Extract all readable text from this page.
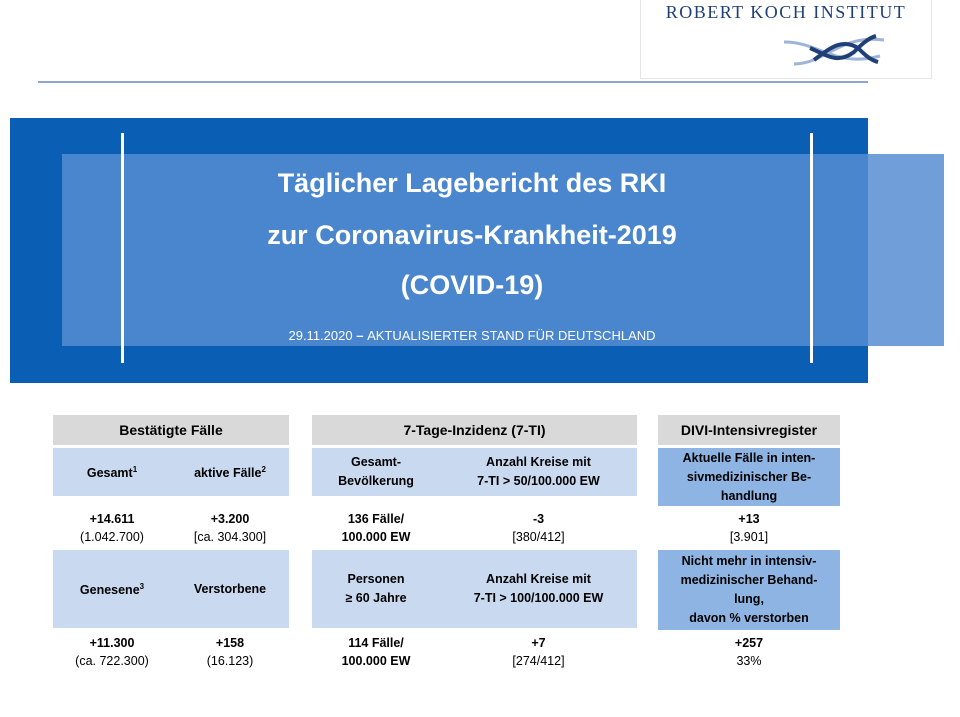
ROBERT KOCH INSTITUT
Täglicher Lagebericht des RKI
zur Coronavirus-Krankheit-2019
(COVID-19)
29.11.2020 – AKTUALISIERTER STAND FÜR DEUTSCHLAND
Bestätigte Fälle
Gesamt$^1$	aktive Fälle$^2$
+14.611
(1.042.700)
+3.200
[ca. 304.300]
Genesene$^3$	Verstorbene
+11.300
(ca. 722.300)
+158
(16.123)
7-Tage-Inzidenz (7-TI)
Gesamt-
Bevölkerung
Anzahl Kreise mit
7-TI > 50/100.000 EW
136 Fälle/
100.000 EW
-3
[380/412]
Personen
≥ 60 Jahre
Anzahl Kreise mit
7-TI > 100/100.000 EW
114 Fälle/
100.000 EW
+7
[274/412]
DIVI-Intensivregister
Aktuelle Fälle in inten-
sivmedizinischer Be-
handlung
+13
[3.901]
Nicht mehr in intensiv-
medizinischer Behand-
lung,
davon % verstorben
+257
33%
